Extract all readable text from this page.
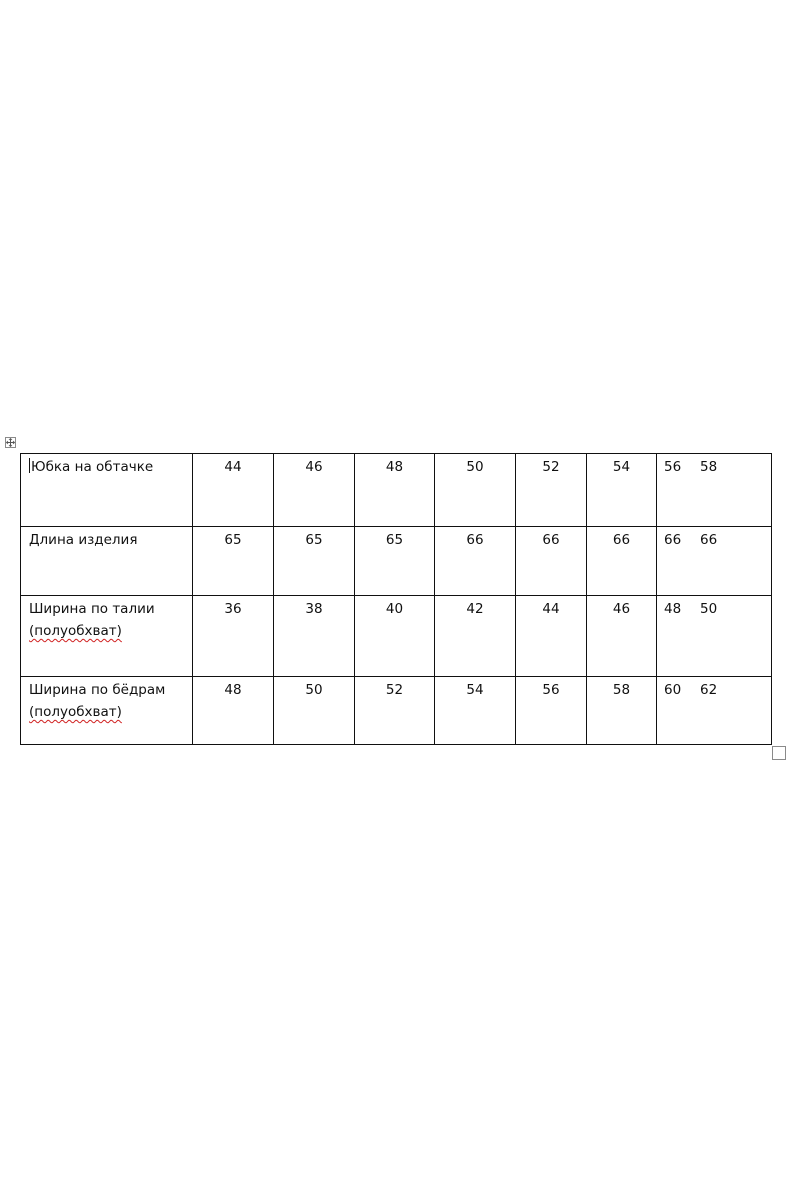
Юбка на обтачке	44	46	48	50	52	54	56 58
Длина изделия	65	65	65	66	66	66	66 66
Ширина по талии
(полуобхват)	36	38	40	42	44	46	48 50
Ширина по бёдрам
(полуобхват)	48	50	52	54	56	58	60 62
